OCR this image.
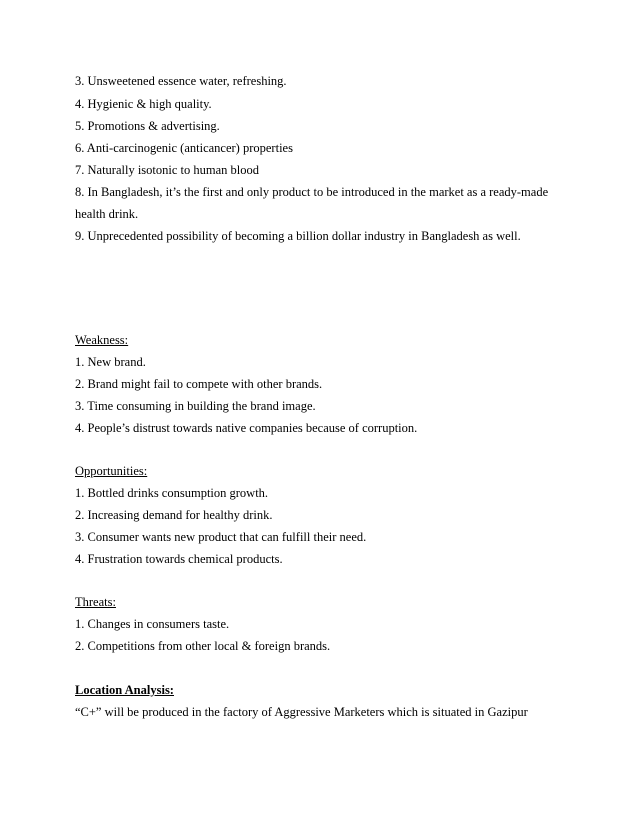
3. Unsweetened essence water, refreshing.
4. Hygienic & high quality.
5. Promotions & advertising.
6. Anti-carcinogenic (anticancer) properties
7. Naturally isotonic to human blood
8. In Bangladesh, it’s the first and only product to be introduced in the market as a ready-made
health drink.
9. Unprecedented possibility of becoming a billion dollar industry in Bangladesh as well.
Weakness:
1. New brand.
2. Brand might fail to compete with other brands.
3. Time consuming in building the brand image.
4. People’s distrust towards native companies because of corruption.
Opportunities:
1. Bottled drinks consumption growth.
2. Increasing demand for healthy drink.
3. Consumer wants new product that can fulfill their need.
4. Frustration towards chemical products.
Threats:
1. Changes in consumers taste.
2. Competitions from other local & foreign brands.
Location Analysis:
“C+” will be produced in the factory of Aggressive Marketers which is situated in Gazipur
